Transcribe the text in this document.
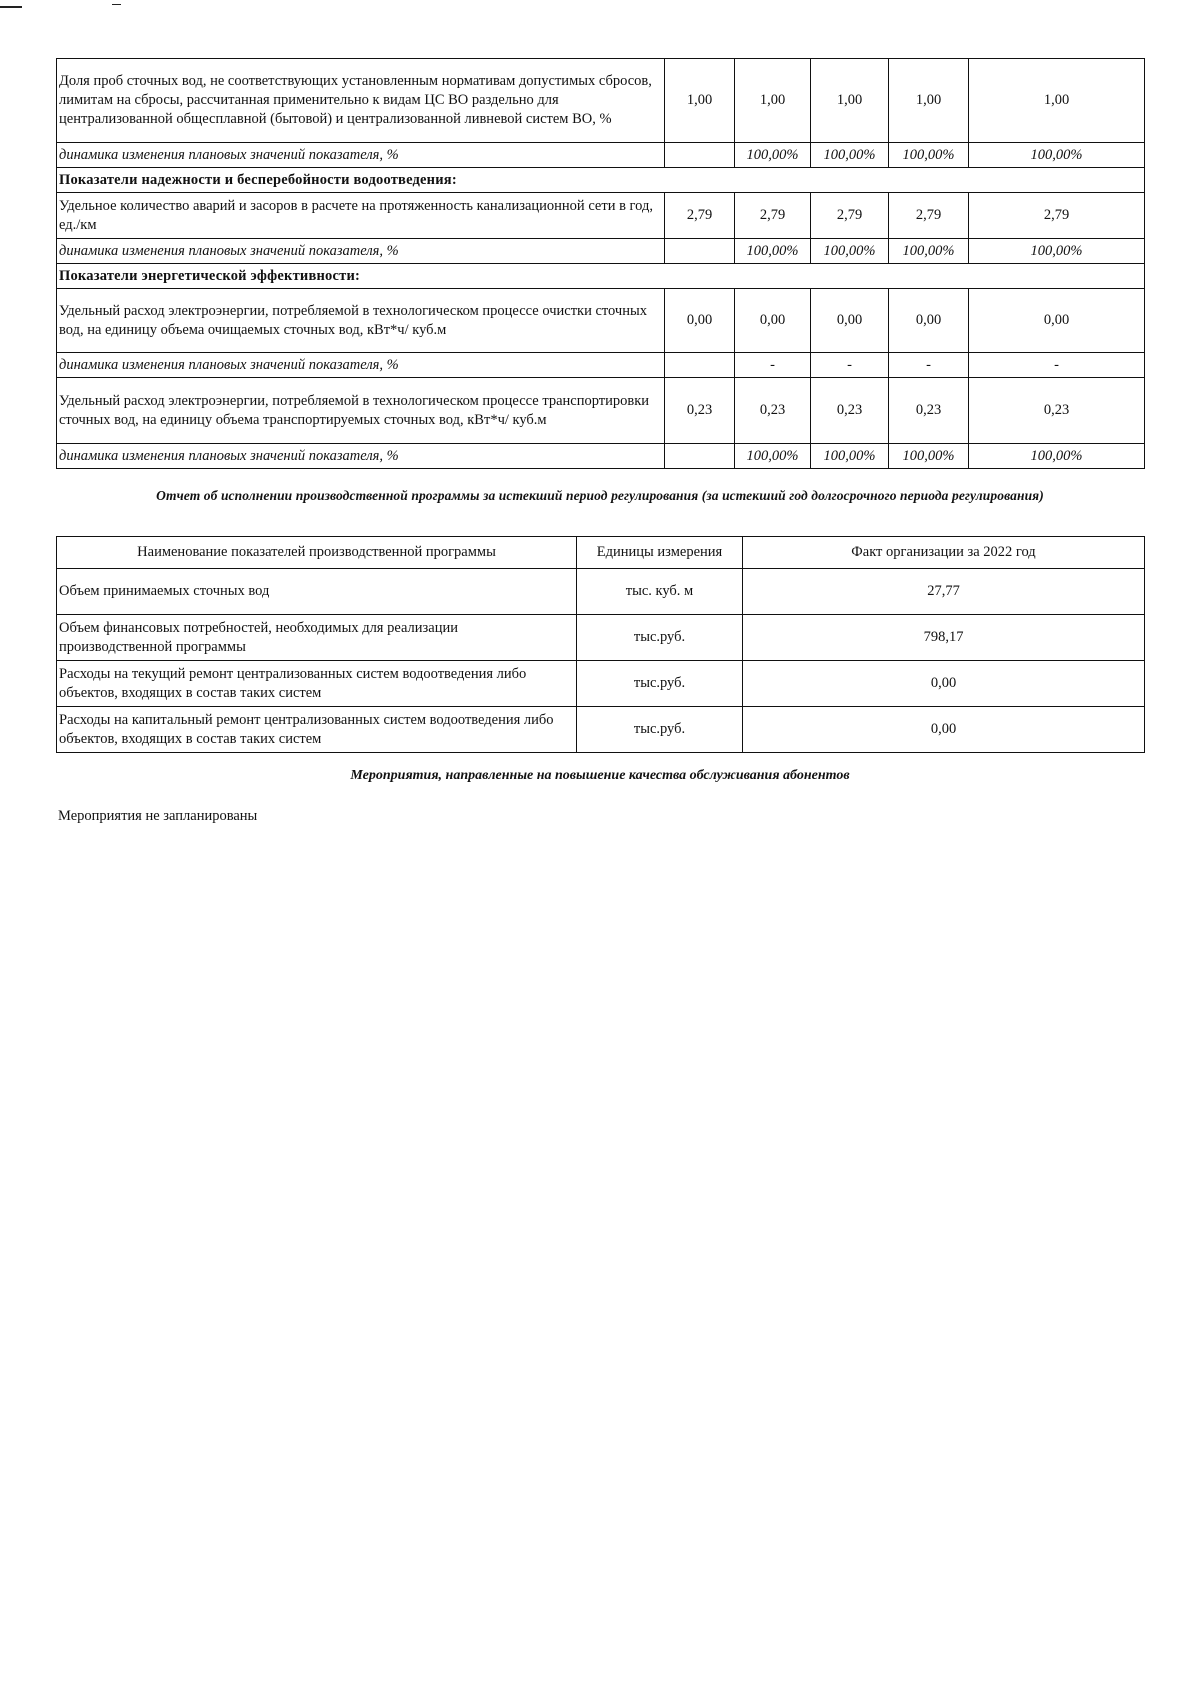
Доля проб сточных вод, не соответствующих установленным нормативам допустимых сбросов, лимитам на сбросы, рассчитанная применительно к видам ЦС ВО раздельно для централизованной общесплавной (бытовой) и централизованной ливневой систем ВО, %	1,00	1,00	1,00	1,00	1,00
динамика изменения плановых значений показателя, %		100,00%	100,00%	100,00%	100,00%
Показатели надежности и бесперебойности водоотведения:					
Удельное количество аварий и засоров в расчете на протяженность канализационной сети в год, ед./км	2,79	2,79	2,79	2,79	2,79
динамика изменения плановых значений показателя, %		100,00%	100,00%	100,00%	100,00%
Показатели энергетической эффективности:					
Удельный расход электроэнергии, потребляемой в технологическом процессе очистки сточных вод, на единицу объема очищаемых сточных вод, кВт*ч/ куб.м	0,00	0,00	0,00	0,00	0,00
динамика изменения плановых значений показателя, %		-	-	-	-
Удельный расход электроэнергии, потребляемой в технологическом процессе транспортировки сточных вод, на единицу объема транспортируемых сточных вод, кВт*ч/ куб.м	0,23	0,23	0,23	0,23	0,23
динамика изменения плановых значений показателя, %		100,00%	100,00%	100,00%	100,00%
Отчет об исполнении производственной программы за истекший период регулирования (за истекший год долгосрочного периода регулирования)
Наименование показателей производственной программы	Единицы измерения	Факт организации за 2022 год
Объем принимаемых сточных вод	тыс. куб. м	27,77
Объем финансовых потребностей, необходимых для реализации производственной программы	тыс.руб.	798,17
Расходы на текущий ремонт централизованных систем водоотведения либо объектов, входящих в состав таких систем	тыс.руб.	0,00
Расходы на капитальный ремонт централизованных систем водоотведения либо объектов, входящих в состав таких систем	тыс.руб.	0,00
Мероприятия, направленные на повышение качества обслуживания абонентов
Мероприятия не запланированы
